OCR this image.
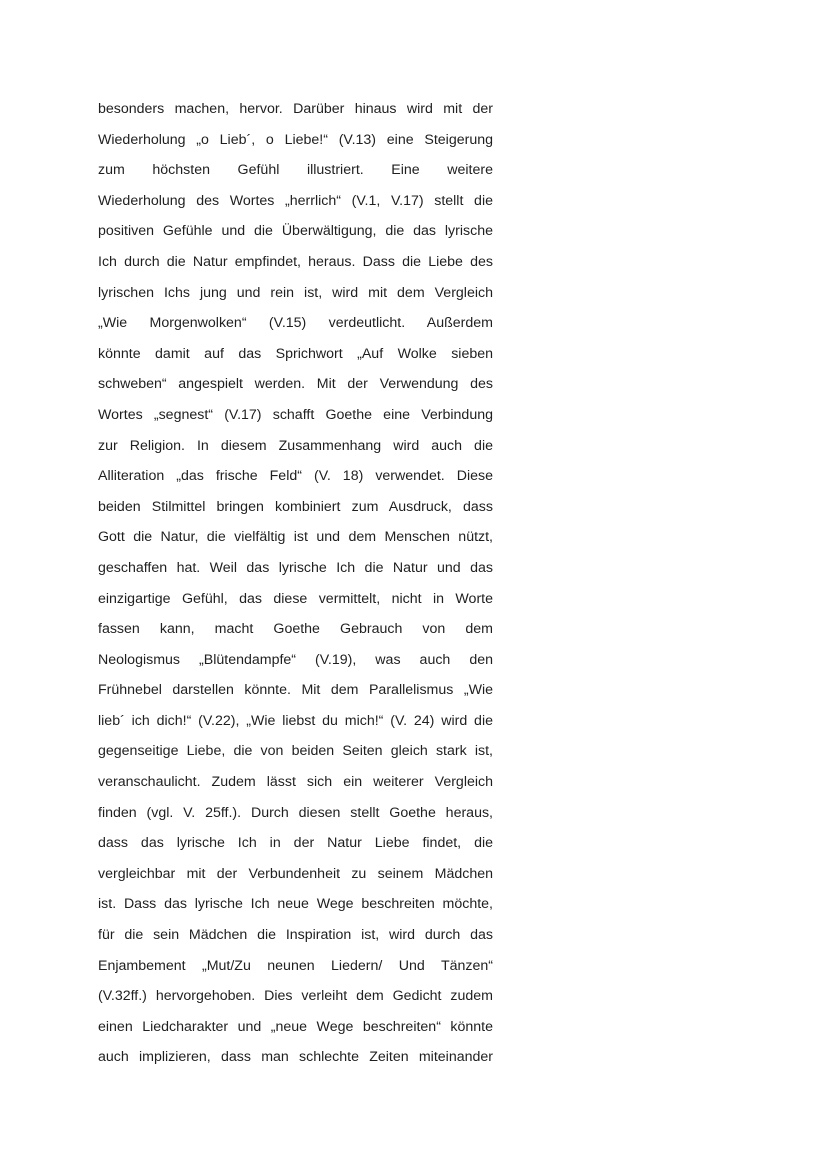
besonders machen, hervor. Darüber hinaus wird mit der
Wiederholung „o Lieb´, o Liebe!“ (V.13) eine Steigerung
zum höchsten Gefühl illustriert. Eine weitere
Wiederholung des Wortes „herrlich“ (V.1, V.17) stellt die
positiven Gefühle und die Überwältigung, die das lyrische
Ich durch die Natur empfindet, heraus. Dass die Liebe des
lyrischen Ichs jung und rein ist, wird mit dem Vergleich
„Wie Morgenwolken“ (V.15) verdeutlicht. Außerdem
könnte damit auf das Sprichwort „Auf Wolke sieben
schweben“ angespielt werden. Mit der Verwendung des
Wortes „segnest“ (V.17) schafft Goethe eine Verbindung
zur Religion. In diesem Zusammenhang wird auch die
Alliteration „das frische Feld“ (V. 18) verwendet. Diese
beiden Stilmittel bringen kombiniert zum Ausdruck, dass
Gott die Natur, die vielfältig ist und dem Menschen nützt,
geschaffen hat. Weil das lyrische Ich die Natur und das
einzigartige Gefühl, das diese vermittelt, nicht in Worte
fassen kann, macht Goethe Gebrauch von dem
Neologismus „Blütendampfe“ (V.19), was auch den
Frühnebel darstellen könnte. Mit dem Parallelismus „Wie
lieb´ ich dich!“ (V.22), „Wie liebst du mich!“ (V. 24) wird die
gegenseitige Liebe, die von beiden Seiten gleich stark ist,
veranschaulicht. Zudem lässt sich ein weiterer Vergleich
finden (vgl. V. 25ff.). Durch diesen stellt Goethe heraus,
dass das lyrische Ich in der Natur Liebe findet, die
vergleichbar mit der Verbundenheit zu seinem Mädchen
ist. Dass das lyrische Ich neue Wege beschreiten möchte,
für die sein Mädchen die Inspiration ist, wird durch das
Enjambement „Mut/Zu neunen Liedern/ Und Tänzen“
(V.32ff.) hervorgehoben. Dies verleiht dem Gedicht zudem
einen Liedcharakter und „neue Wege beschreiten“ könnte
auch implizieren, dass man schlechte Zeiten miteinander
